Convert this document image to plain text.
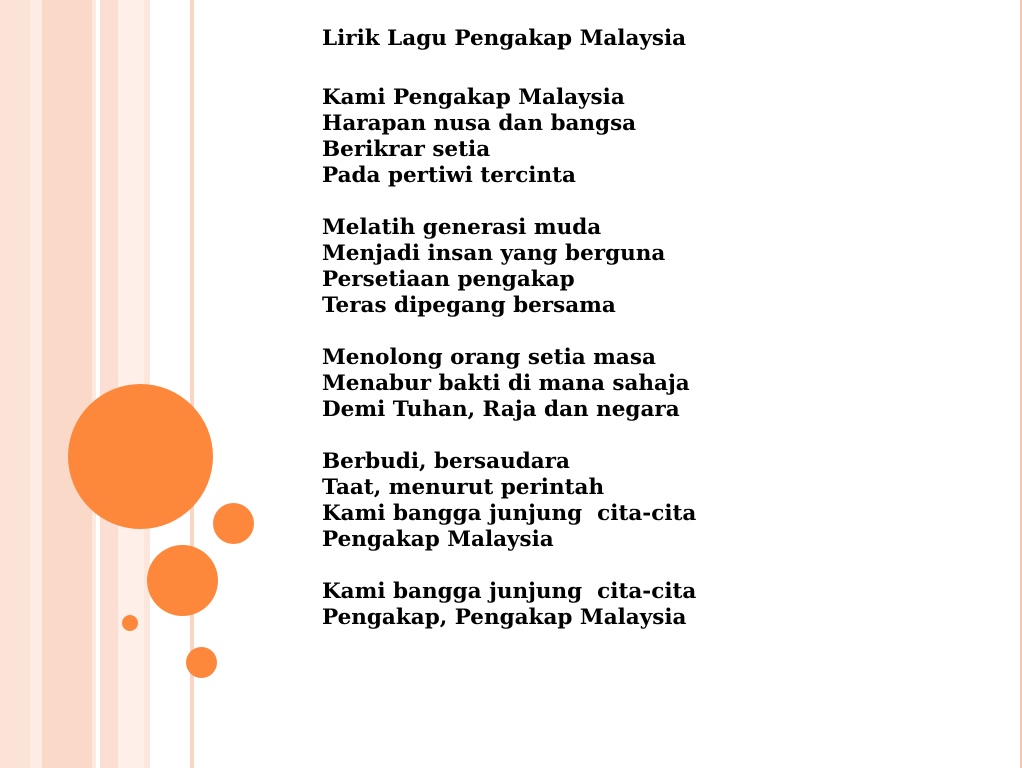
Lirik Lagu Pengakap Malaysia
Kami Pengakap Malaysia
Harapan nusa dan bangsa
Berikrar setia
Pada pertiwi tercinta
Melatih generasi muda
Menjadi insan yang berguna
Persetiaan pengakap
Teras dipegang bersama
Menolong orang setia masa
Menabur bakti di mana sahaja
Demi Tuhan, Raja dan negara
Berbudi, bersaudara
Taat, menurut perintah
Kami bangga junjung  cita-cita
Pengakap Malaysia
Kami bangga junjung  cita-cita
Pengakap, Pengakap Malaysia
